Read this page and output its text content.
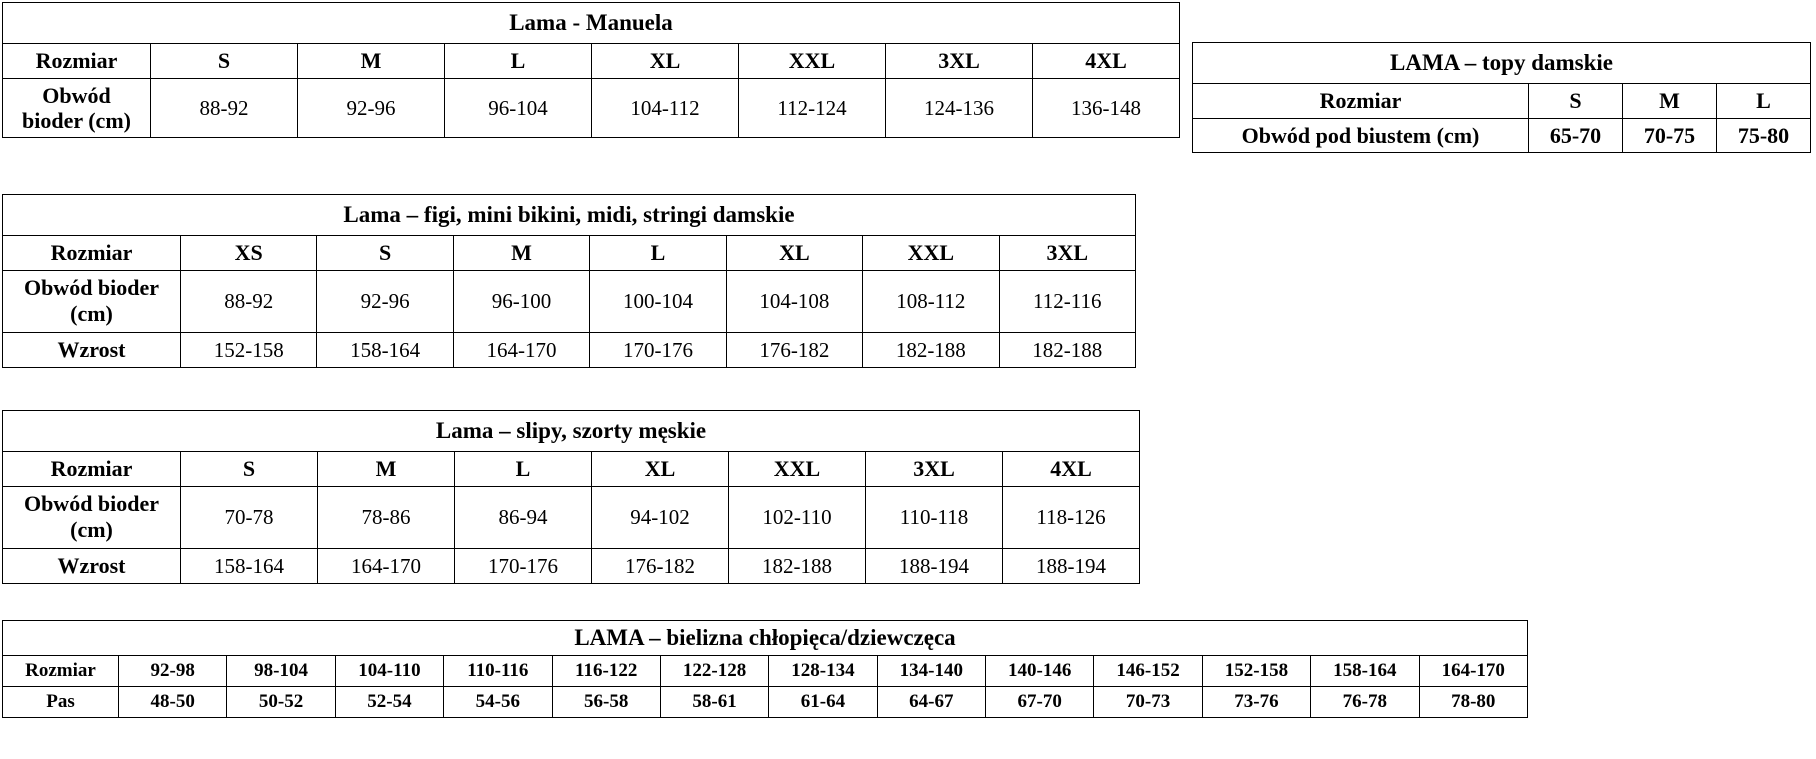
Lama - Manuela							
Rozmiar	S	M	L	XL	XXL	3XL	4XL
Obwód bioder (cm)	88-92	92-96	96-104	104-112	112-124	124-136	136-148
LAMA – topy damskie			
Rozmiar	S	M	L
Obwód pod biustem (cm)	65-70	70-75	75-80
Lama – figi, mini bikini, midi, stringi damskie							
Rozmiar	XS	S	M	L	XL	XXL	3XL
Obwód bioder (cm)	88-92	92-96	96-100	100-104	104-108	108-112	112-116
Wzrost	152-158	158-164	164-170	170-176	176-182	182-188	182-188
Lama – slipy, szorty męskie							
Rozmiar	S	M	L	XL	XXL	3XL	4XL
Obwód bioder (cm)	70-78	78-86	86-94	94-102	102-110	110-118	118-126
Wzrost	158-164	164-170	170-176	176-182	182-188	188-194	188-194
LAMA – bielizna chłopięca/dziewczęca													
Rozmiar	92-98	98-104	104-110	110-116	116-122	122-128	128-134	134-140	140-146	146-152	152-158	158-164	164-170
Pas	48-50	50-52	52-54	54-56	56-58	58-61	61-64	64-67	67-70	70-73	73-76	76-78	78-80
